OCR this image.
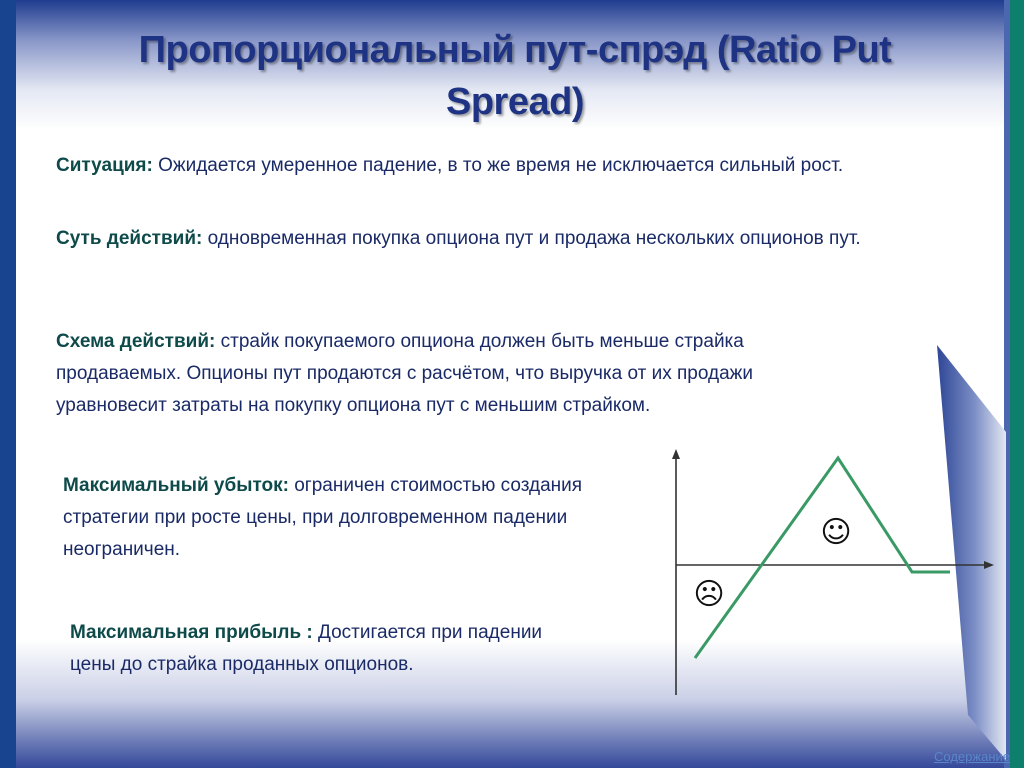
Пропорциональный пут-спрэд (Ratio Put Spread)
Ситуация: Ожидается умеренное падение, в то же время не исключается сильный рост.
Суть действий: одновременная покупка опциона пут и продажа нескольких опционов пут.
Схема действий: страйк покупаемого опциона должен быть меньше страйка продаваемых. Опционы пут продаются с расчётом, что выручка от их продажи уравновесит затраты на покупку опциона пут с меньшим страйком.
Максимальный убыток: ограничен стоимостью создания стратегии при росте цены, при долговременном падении неограничен.
Максимальная прибыль : Достигается при падении цены до страйка проданных опционов.
☺
☹
Содержание
